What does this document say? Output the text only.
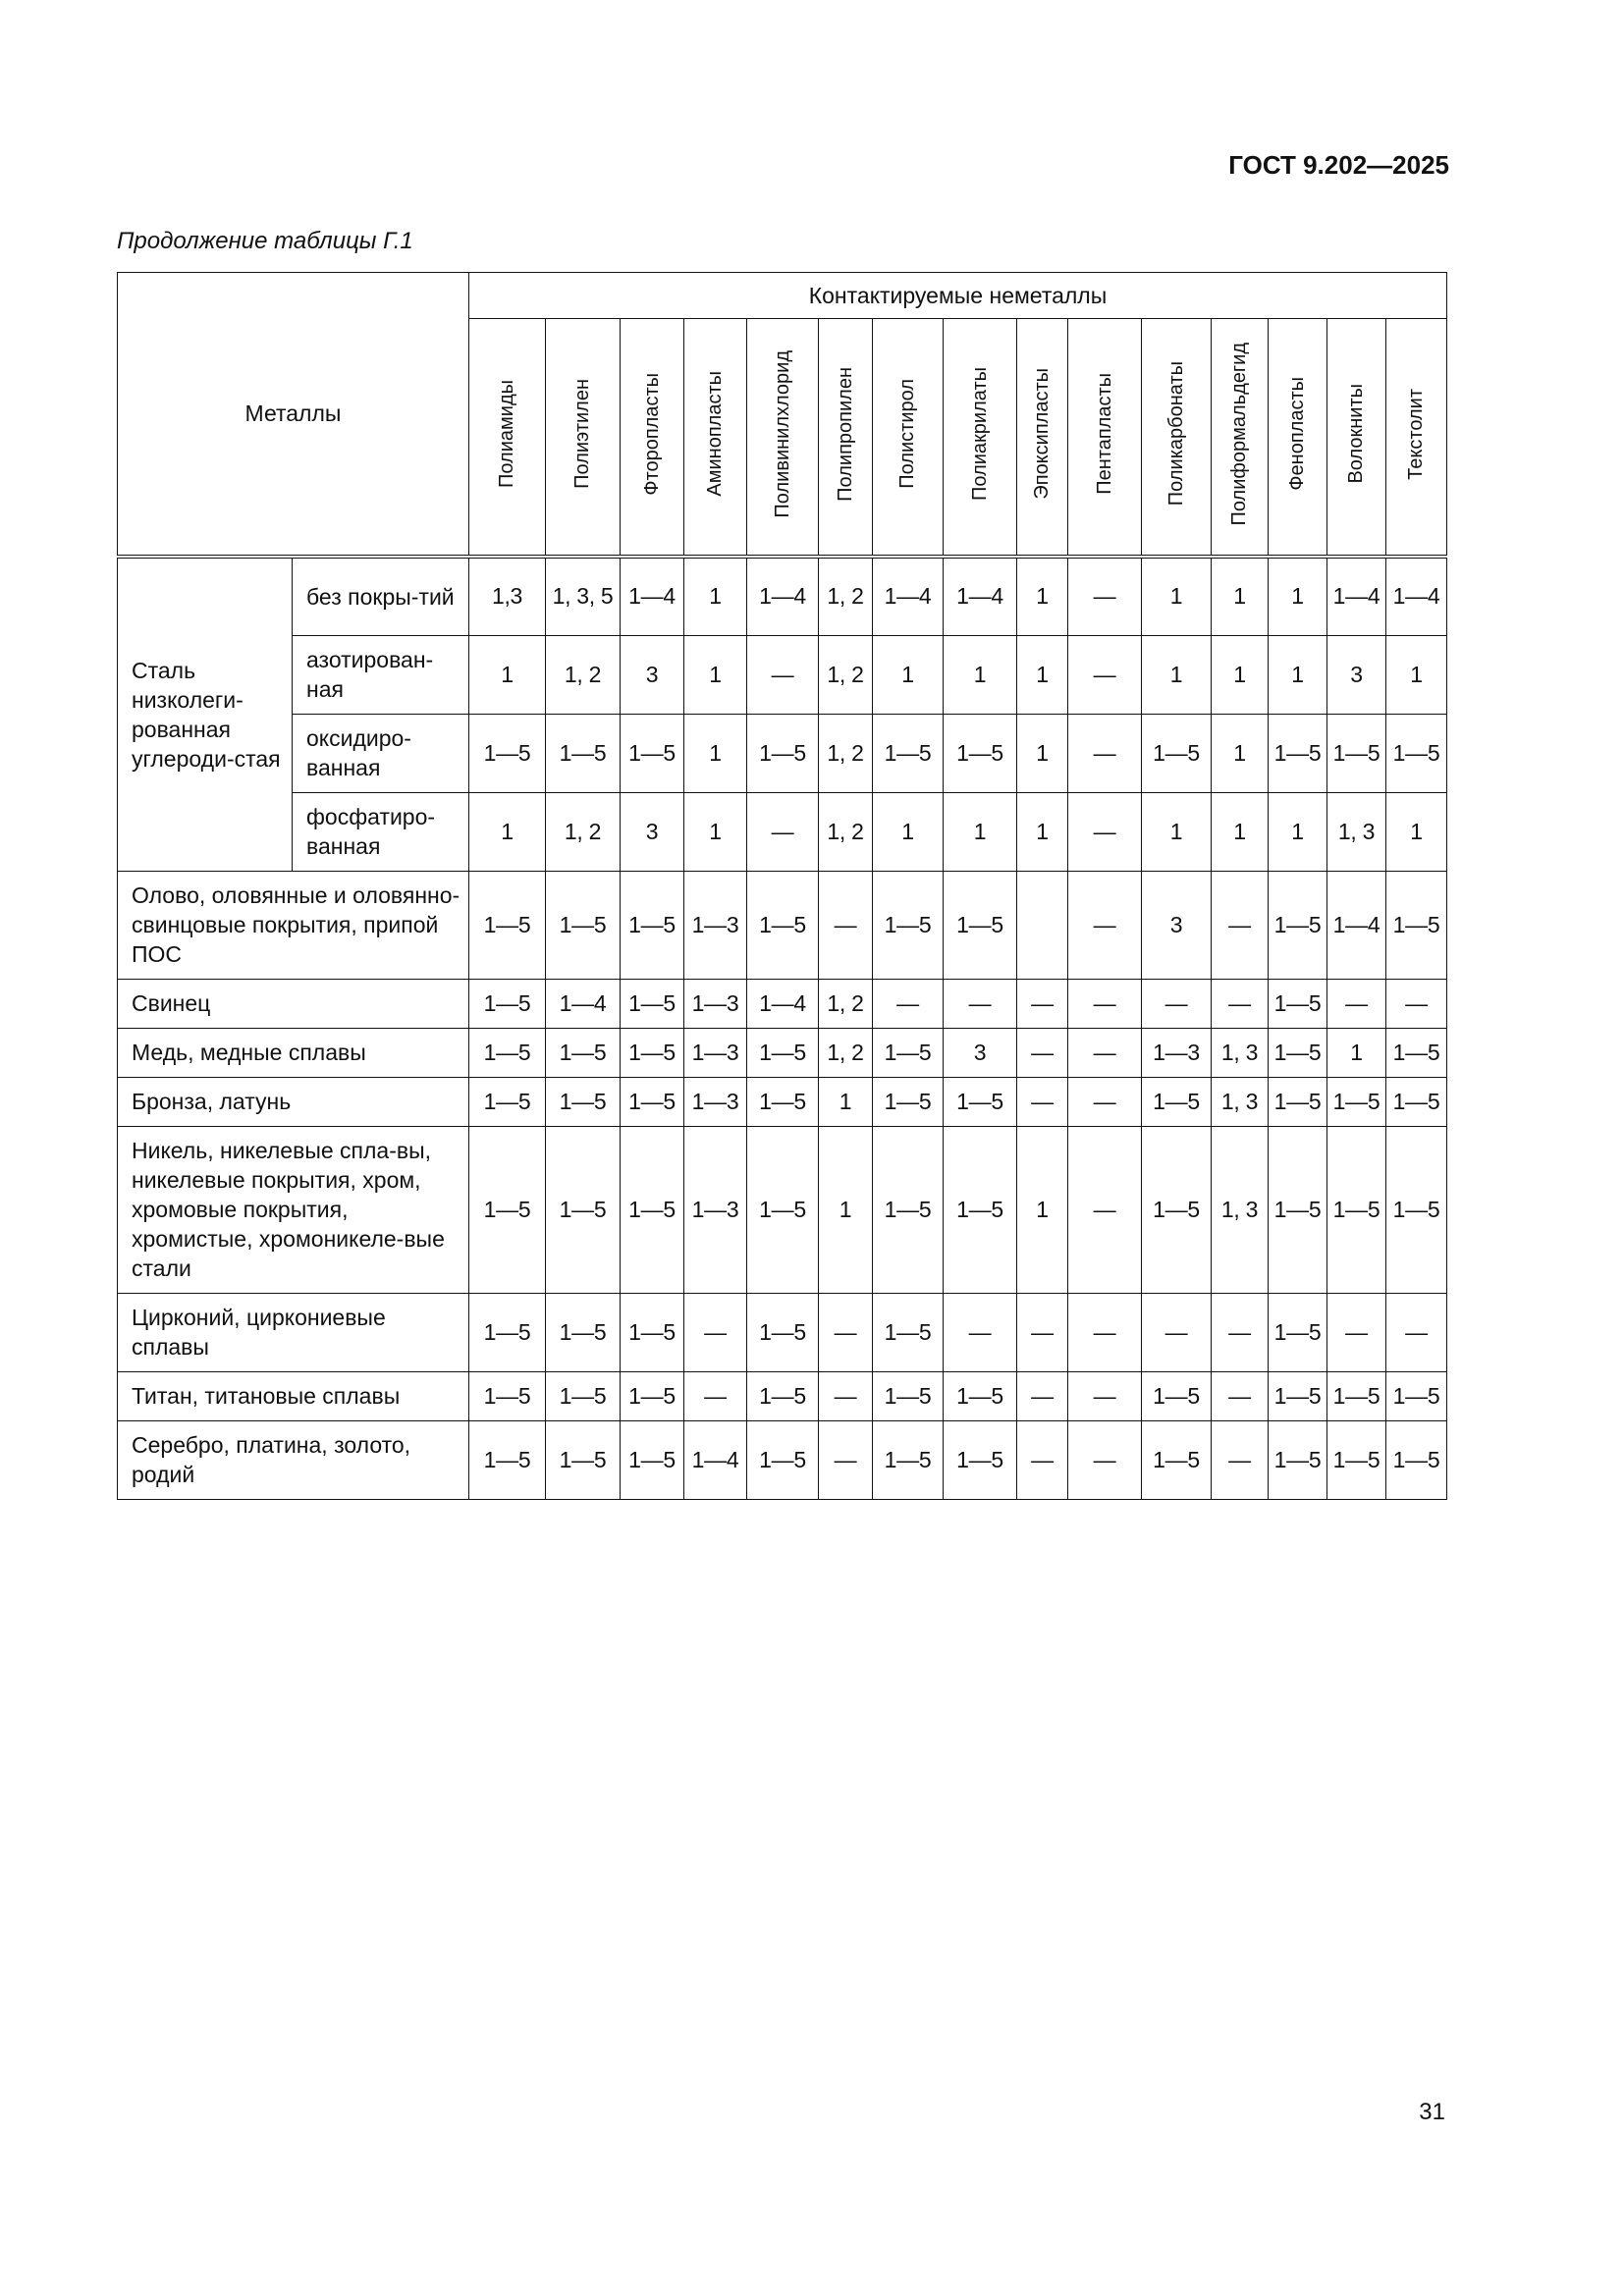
ГОСТ 9.202—2025
Продолжение таблицы Г.1
Металлы		Контактируемые неметаллы														
		Полиамиды	Полиэтилен	Фторопласты	Аминопласты	Поливинилхлорид	Полипропилен	Полистирол	Полиакрилаты	Эпоксипласты	Пентапласты	Поликарбонаты	Полиформальдегид	Фенопласты	Волокниты	Текстолит
Сталь низколеги-рованная углероди-стая	без покры-тий	1,3	1, 3, 5	1—4	1	1—4	1, 2	1—4	1—4	1	—	1	1	1	1—4	1—4
	азотирован-ная	1	1, 2	3	1	—	1, 2	1	1	1	—	1	1	1	3	1
	оксидиро-ванная	1—5	1—5	1—5	1	1—5	1, 2	1—5	1—5	1	—	1—5	1	1—5	1—5	1—5
	фосфатиро-ванная	1	1, 2	3	1	—	1, 2	1	1	1	—	1	1	1	1, 3	1
Олово, оловянные и оловянно-свинцовые покрытия, припой ПОС		1—5	1—5	1—5	1—3	1—5	—	1—5	1—5		—	3	—	1—5	1—4	1—5
Свинец		1—5	1—4	1—5	1—3	1—4	1, 2	—	—	—	—	—	—	1—5	—	—
Медь, медные сплавы		1—5	1—5	1—5	1—3	1—5	1, 2	1—5	3	—	—	1—3	1, 3	1—5	1	1—5
Бронза, латунь		1—5	1—5	1—5	1—3	1—5	1	1—5	1—5	—	—	1—5	1, 3	1—5	1—5	1—5
Никель, никелевые спла-вы, никелевые покрытия, хром, хромовые покрытия, хромистые, хромоникеле-вые стали		1—5	1—5	1—5	1—3	1—5	1	1—5	1—5	1	—	1—5	1, 3	1—5	1—5	1—5
Цирконий, циркониевые сплавы		1—5	1—5	1—5	—	1—5	—	1—5	—	—	—	—	—	1—5	—	—
Титан, титановые сплавы		1—5	1—5	1—5	—	1—5	—	1—5	1—5	—	—	1—5	—	1—5	1—5	1—5
Серебро, платина, золото, родий		1—5	1—5	1—5	1—4	1—5	—	1—5	1—5	—	—	1—5	—	1—5	1—5	1—5
31
